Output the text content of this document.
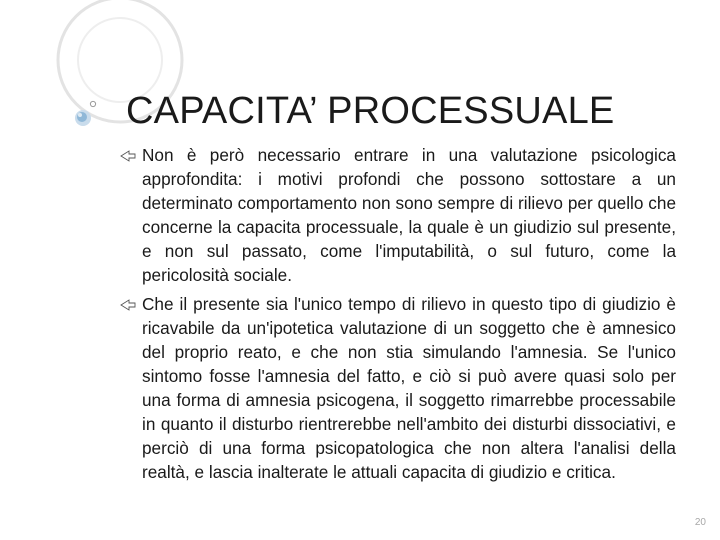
CAPACITA’ PROCESSUALE
Non è però necessario entrare in una valutazione psicologica approfondita: i motivi profondi che possono sottostare a un determinato comportamento non sono sempre di rilievo per quello che concerne la capacita processuale, la quale è un giudizio sul presente, e non sul passato, come l'imputabilità, o sul futuro, come la pericolosità sociale.
Che il presente sia l'unico tempo di rilievo in questo tipo di giudizio è ricavabile da un'ipotetica valutazione di un soggetto che è amnesico del proprio reato, e che non stia simulando l'amnesia. Se l'unico sintomo fosse l'amnesia del fatto, e ciò si può avere quasi solo per una forma di amnesia psicogena, il soggetto rimarrebbe processabile in quanto il disturbo rientrerebbe nell'ambito dei disturbi dissociativi, e perciò di una forma psicopatologica che non altera l'analisi della realtà, e lascia inalterate le attuali capacita di giudizio e critica.
20
